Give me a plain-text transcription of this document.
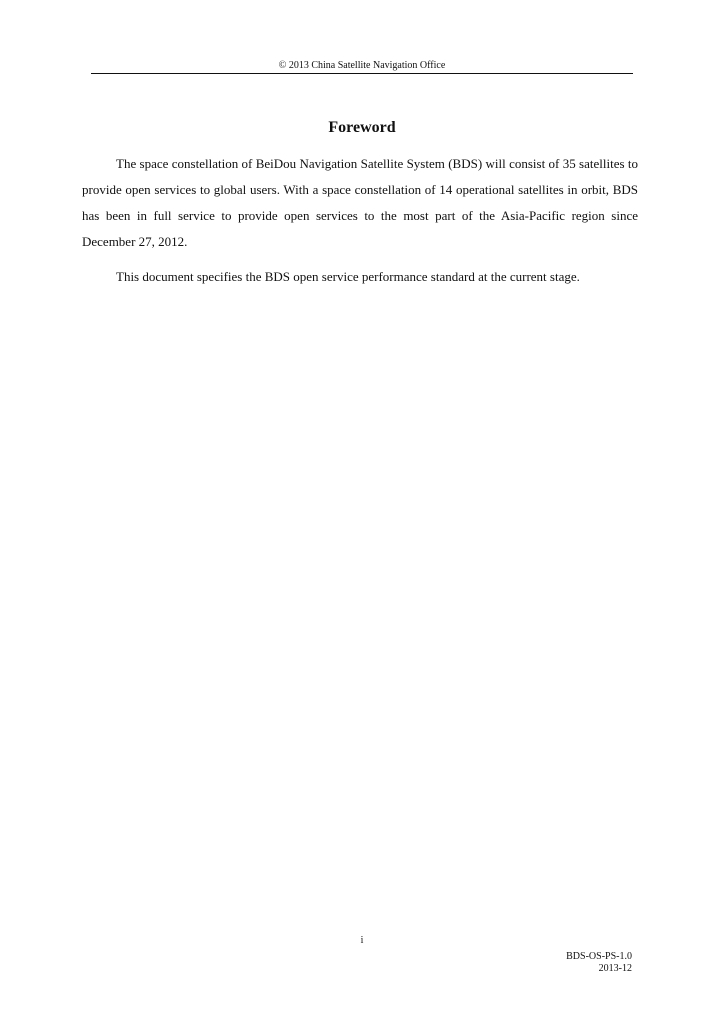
© 2013 China Satellite Navigation Office
Foreword

The space constellation of BeiDou Navigation Satellite System (BDS) will consist of 35 satellites to provide open services to global users. With a space constellation of 14 operational satellites in orbit, BDS has been in full service to provide open services to the most part of the Asia-Pacific region since December 27, 2012.

This document specifies the BDS open service performance standard at the current stage.

i
BDS-OS-PS-1.0
2013-12
